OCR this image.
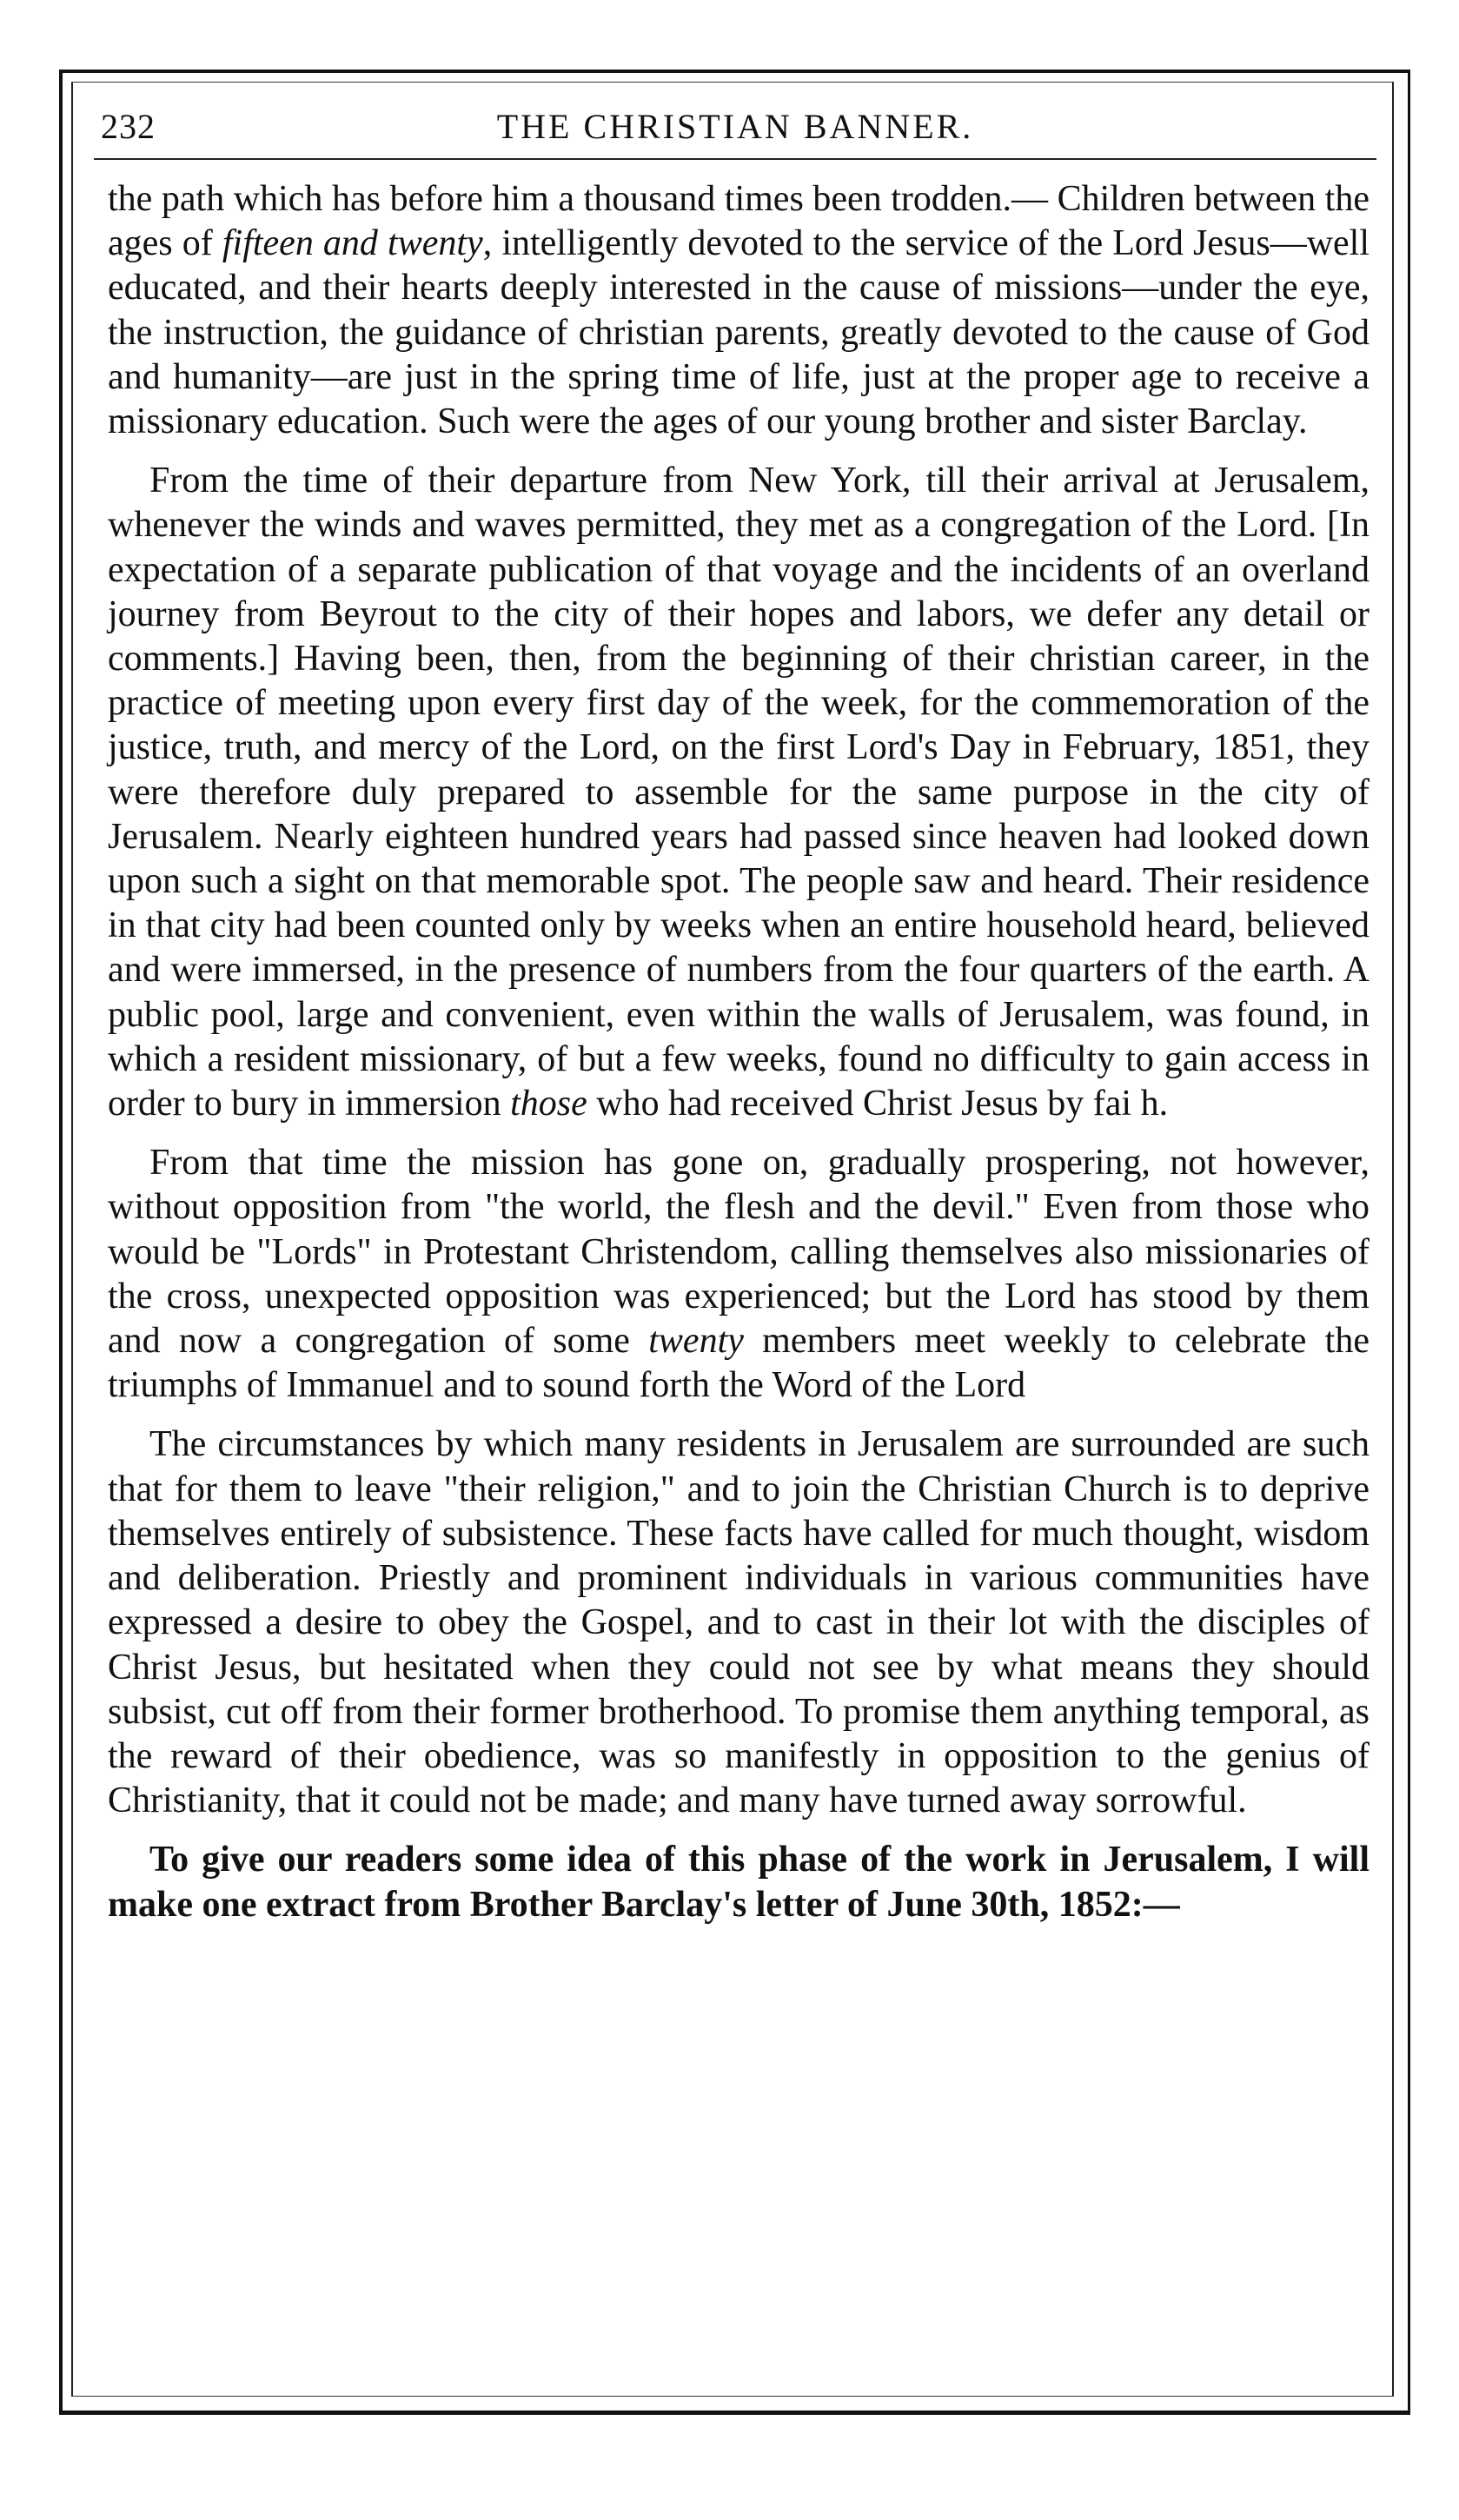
232	THE CHRISTIAN BANNER.

the path which has before him a thousand times been trodden.— Children between the ages of fifteen and twenty, intelligently devoted to the service of the Lord Jesus—well educated, and their hearts deeply interested in the cause of missions—under the eye, the instruction, the guidance of christian parents, greatly devoted to the cause of God and humanity—are just in the spring time of life, just at the proper age to receive a missionary education. Such were the ages of our young brother and sister Barclay.

From the time of their departure from New York, till their arrival at Jerusalem, whenever the winds and waves permitted, they met as a congregation of the Lord. [In expectation of a separate publication of that voyage and the incidents of an overland journey from Beyrout to the city of their hopes and labors, we defer any detail or comments.] Having been, then, from the beginning of their christian career, in the practice of meeting upon every first day of the week, for the commemoration of the justice, truth, and mercy of the Lord, on the first Lord's Day in February, 1851, they were therefore duly prepared to assemble for the same purpose in the city of Jerusalem. Nearly eighteen hundred years had passed since heaven had looked down upon such a sight on that memorable spot. The people saw and heard. Their residence in that city had been counted only by weeks when an entire household heard, believed and were immersed, in the presence of numbers from the four quarters of the earth. A public pool, large and convenient, even within the walls of Jerusalem, was found, in which a resident missionary, of but a few weeks, found no difficulty to gain access in order to bury in immersion those who had received Christ Jesus by fai h.

From that time the mission has gone on, gradually prospering, not however, without opposition from "the world, the flesh and the devil." Even from those who would be "Lords" in Protestant Christendom, calling themselves also missionaries of the cross, unexpected opposition was experienced; but the Lord has stood by them and now a congregation of some twenty members meet weekly to celebrate the triumphs of Immanuel and to sound forth the Word of the Lord

The circumstances by which many residents in Jerusalem are surrounded are such that for them to leave "their religion," and to join the Christian Church is to deprive themselves entirely of subsistence. These facts have called for much thought, wisdom and deliberation. Priestly and prominent individuals in various communities have expressed a desire to obey the Gospel, and to cast in their lot with the disciples of Christ Jesus, but hesitated when they could not see by what means they should subsist, cut off from their former brotherhood. To promise them anything temporal, as the reward of their obedience, was so manifestly in opposition to the genius of Christianity, that it could not be made; and many have turned away sorrowful.

To give our readers some idea of this phase of the work in Jerusalem, I will make one extract from Brother Barclay's letter of June 30th, 1852:—
